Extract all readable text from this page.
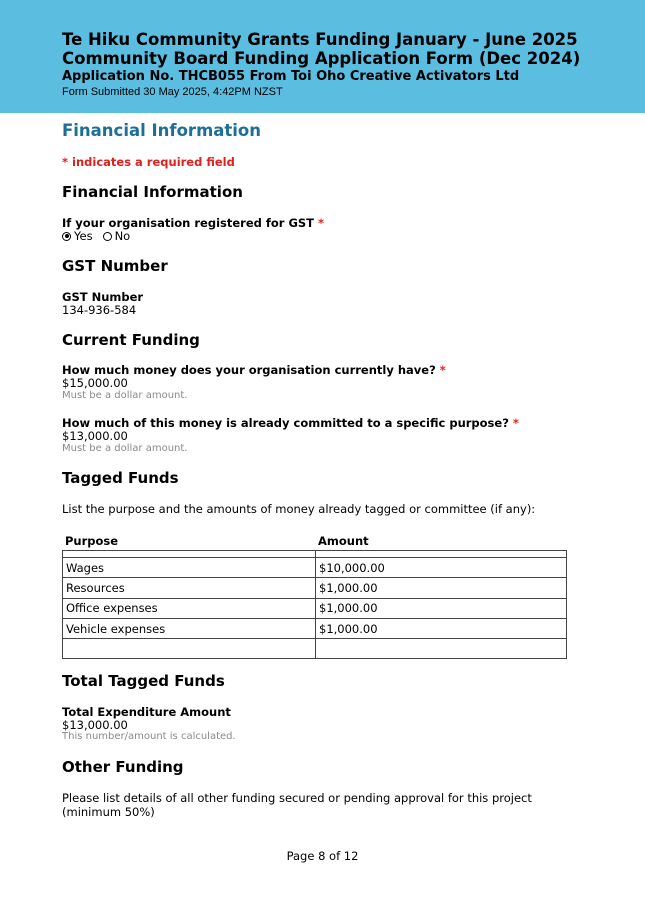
Te Hiku Community Grants Funding January - June 2025
Community Board Funding Application Form (Dec 2024)
Application No. THCB055 From Toi Oho Creative Activators Ltd
Form Submitted 30 May 2025, 4:42PM NZST
Financial Information
* indicates a required field
Financial Information
If your organisation registered for GST *
Yes No
GST Number
GST Number
134-936-584
Current Funding
How much money does your organisation currently have? *
$15,000.00
Must be a dollar amount.
How much of this money is already committed to a specific purpose? *
$13,000.00
Must be a dollar amount.
Tagged Funds
List the purpose and the amounts of money already tagged or committee (if any):
Purpose	Amount
Wages	$10,000.00
Resources	$1,000.00
Office expenses	$1,000.00
Vehicle expenses	$1,000.00
Total Tagged Funds
Total Expenditure Amount
$13,000.00
This number/amount is calculated.
Other Funding
Please list details of all other funding secured or pending approval for this project (minimum 50%)
Page 8 of 12
